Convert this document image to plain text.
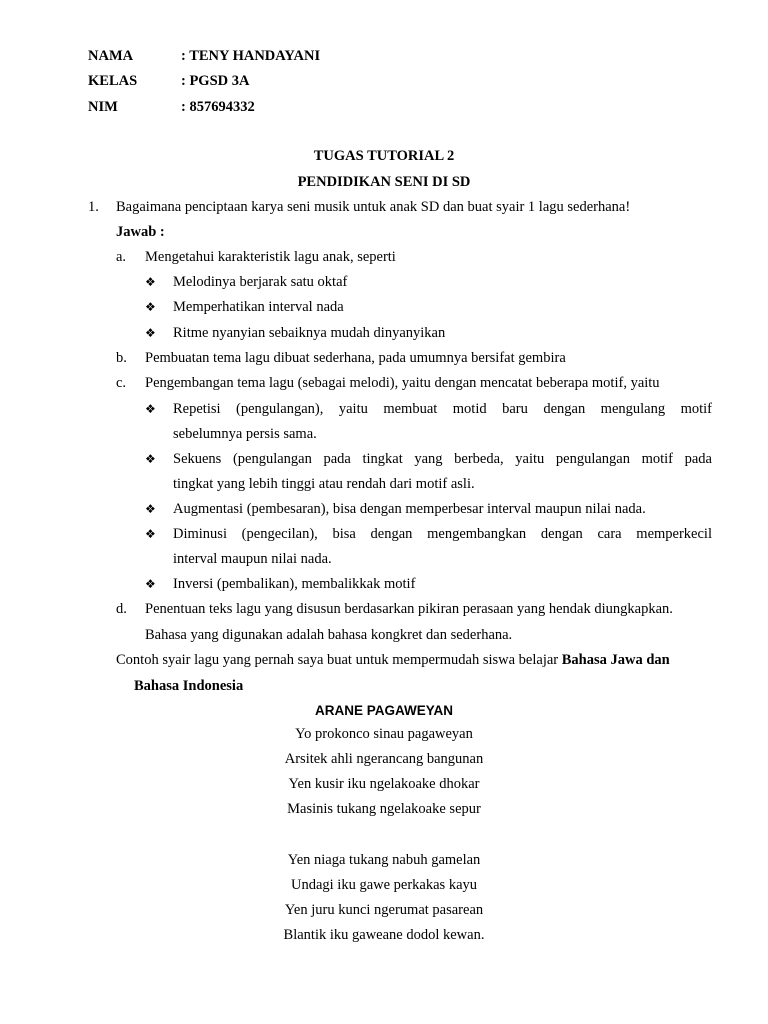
NAMA	: TENY HANDAYANI
KELAS	: PGSD 3A
NIM	: 857694332
TUGAS TUTORIAL 2
PENDIDIKAN SENI DI SD
1. Bagaimana penciptaan karya seni musik untuk anak SD dan buat syair 1 lagu sederhana!
Jawab :
a. Mengetahui karakteristik lagu anak, seperti
❖ Melodinya berjarak satu oktaf
❖ Memperhatikan interval nada
❖ Ritme nyanyian sebaiknya mudah dinyanyikan
b. Pembuatan tema lagu dibuat sederhana, pada umumnya bersifat gembira
c. Pengembangan tema lagu (sebagai melodi), yaitu dengan mencatat beberapa motif, yaitu
❖ Repetisi (pengulangan), yaitu membuat motid baru dengan mengulang motif
sebelumnya persis sama.
❖ Sekuens (pengulangan pada tingkat yang berbeda, yaitu pengulangan motif pada
tingkat yang lebih tinggi atau rendah dari motif asli.
❖ Augmentasi (pembesaran), bisa dengan memperbesar interval maupun nilai nada.
❖ Diminusi (pengecilan), bisa dengan mengembangkan dengan cara memperkecil
interval maupun nilai nada.
❖ Inversi (pembalikan), membalikkak motif
d. Penentuan teks lagu yang disusun berdasarkan pikiran perasaan yang hendak diungkapkan.
Bahasa yang digunakan adalah bahasa kongkret dan sederhana.
Contoh syair lagu yang pernah saya buat untuk mempermudah siswa belajar Bahasa Jawa dan
Bahasa Indonesia
ARANE PAGAWEYAN
Yo prokonco sinau pagaweyan
Arsitek ahli ngerancang bangunan
Yen kusir iku ngelakoake dhokar
Masinis tukang ngelakoake sepur
Yen niaga tukang nabuh gamelan
Undagi iku gawe perkakas kayu
Yen juru kunci ngerumat pasarean
Blantik iku gaweane dodol kewan.
